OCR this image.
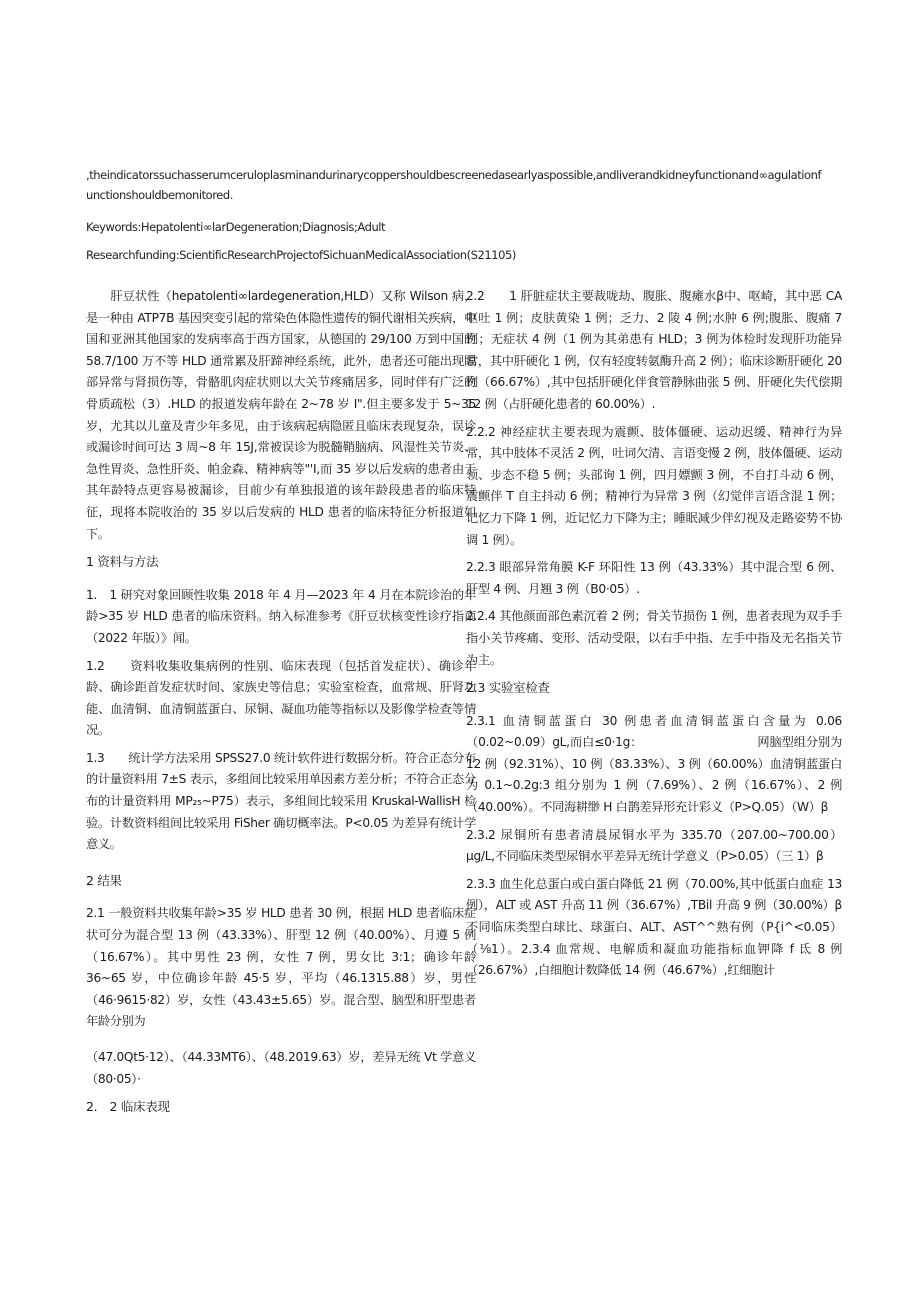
,theindicatorssuchasserumceruloplasminandurinarycoppershouldbescreenedasearlyaspossible,andliverandkidneyfunctionand∞agulationf

unctionshouldbemonitored.

Keywords:Hepatolenti∞larDegeneration;Diagnosis;Adult

Researchfunding:ScientificResearchProjectofSichuanMedicalAssociation(S21105)

肝豆状性（hepatolenti∞lardegeneration,HLD）又称 Wilson 病，是一种由 ATP7B 基因突变引起的常染色体隐性遗传的铜代谢相关疾病，中国和亚洲其他国家的发病率高于西方国家，从德国的 29/100 万到中国的 58.7/100 万不等 HLD 通常累及肝蹄神经系统，此外，患者还可能出现眼部异常与肾损伤等，骨骼肌肉症状则以大关节疼痛居多，同时伴有广泛的骨质疏松（3）.HLD 的报道发病年龄在 2~78 岁 I".但主要多发于 5~35 岁，尤其以儿童及青少年多见，由于该病起病隐匿且临床表现复杂，误诊或漏诊时间可达 3 周~8 年 15J,常被误诊为脱髓鞘脑病、风湿性关节炎、急性胃炎、急性肝炎、帕金森、精神病等"'I,而 35 岁以后发病的患者由于其年龄特点更容易被漏诊，目前少有单独报道的该年龄段患者的临床特征，现将本院收治的 35 岁以后发病的 HLD 患者的临床特征分析报道如下。

1 资料与方法

1.　1 研究对象回顾性收集 2018 年 4 月—2023 年 4 月在本院诊治的年龄>35 岁 HLD 患者的临床资料。纳入标准参考《肝豆状核变性诊疗指南（2022 年版）》闻。

1.2　　资料收集收集病例的性别、临床表现（包括首发症状）、确诊年龄、确诊距首发症状时间、家族史等信息；实验室检查，血常规、肝肾功能、血清铜、血清铜蓝蛋白、尿铜、凝血功能等指标以及影像学检查等情况。

1.3　　统计学方法采用 SPSS27.0 统计软件进行数据分析。符合正态分布的计量资料用 7±S 表示，多组间比较采用单因素方差分析；不符合正态分布的计量资料用 MP₂₅~P75）表示，多组间比较采用 Kruskal-WallisH 检验。计数资料组间比较采用 FiSher 确切概率法。P<0.05 为差异有统计学意义。

2 结果

2.1 一般资料共收集年龄>35 岁 HLD 患者 30 例，根据 HLD 患者临床症状可分为混合型 13 例（43.33%）、肝型 12 例（40.00%）、月遵 5 例（16.67%）。其中男性 23 例，女性 7 例，男女比 3:1；确诊年龄 36~65 岁，中位确诊年龄 45·5 岁，平均（46.1315.88）岁，男性（46·9615·82）岁，女性（43.43±5.65）岁。混合型、脑型和肝型患者年龄分别为

（47.0Qt5·12）、（44.33MT6）、（48.2019.63）岁，差异无统 Vt 学意义（80·05）·

2.　2 临床表现

2.2　　1 肝脏症状主要裁咙劫、腹胀、腹瘫水β中、呕崎，其中恶 CA 呕吐 1 例；皮肤黄染 1 例；乏力、2 陵 4 例;水肿 6 例;腹胀、腹痛 7 例；无症状 4 例（1 例为其弟患有 HLD；3 例为体检时发现肝功能异常，其中肝硬化 1 例，仅有轻度转氨酶升高 2 例）；临床诊断肝硬化 20 例（66.67%）,其中包括肝硬化伴食管静脉曲张 5 例、肝硬化失代偿期 12 例（占肝硬化患者的 60.00%）.

2.2.2 神经症状主要表现为震颤、肢体僵硬、运动迟缓、精神行为异常，其中肢体不灵活 2 例，吐词欠清、言语变慢 2 例，肢体僵硬、运动领、步态不稳 5 例；头部询 1 例，四月嫖颤 3 例，不自打斗动 6 例，震颤伴 T 自主抖动 6 例；精神行为异常 3 例（幻觉伴言语含混 1 例；记忆力下降 1 例，近记忆力下降为主；睡眠减少伴幻视及走路姿势不协调 1 例）。

2.2.3 眼部异常角膜 K-F 环阳性 13 例（43.33%）其中混合型 6 例、肝型 4 例、月翘 3 例（B0·05）.

2.2.4 其他颜面部色素沉着 2 例；骨关节损伤 1 例，患者表现为双手手指小关节疼痛、变形、活动受限，以右手中指、左手中指及无名指关节为主。

2.3 实验室检查

2.3.1 血清铜蓝蛋白 30 例患者血清铜蓝蛋白含量为 0.06（0.02~0.09）gL,而白≤0·1g：　　　　　　　　　　网脑型组分别为 12 例（92.31%）、10 例（83.33%）、3 例（60.00%）血清铜蓝蛋白为 0.1~0.2g:3 组分别为 1 例（7.69%）、2 例（16.67%）、2 例（40.00%）。不同海耕缈 H 白鹊差异形充计彩义（P>Q.05）（W）β

2.3.2 尿铜所有患者清晨尿铜水平为 335.70（207.00~700.00）μg/L,不同临床类型尿铜水平差异无统计学意义（P>0.05）（三 1）β

2.3.3 血生化总蛋白或白蛋白降低 21 例（70.00%,其中低蛋白血症 13 例），ALT 或 AST 升高 11 例（36.67%）,TBil 升高 9 例（30.00%）β不同临床类型白球比、球蛋白、ALT、AST^^熟有例（P{i^<0.05）（⅛1）。2.3.4 血常规、电解质和凝血功能指标血钾降 f 氐 8 例（26.67%）,白细胞计数降低 14 例（46.67%）,红细胞计
